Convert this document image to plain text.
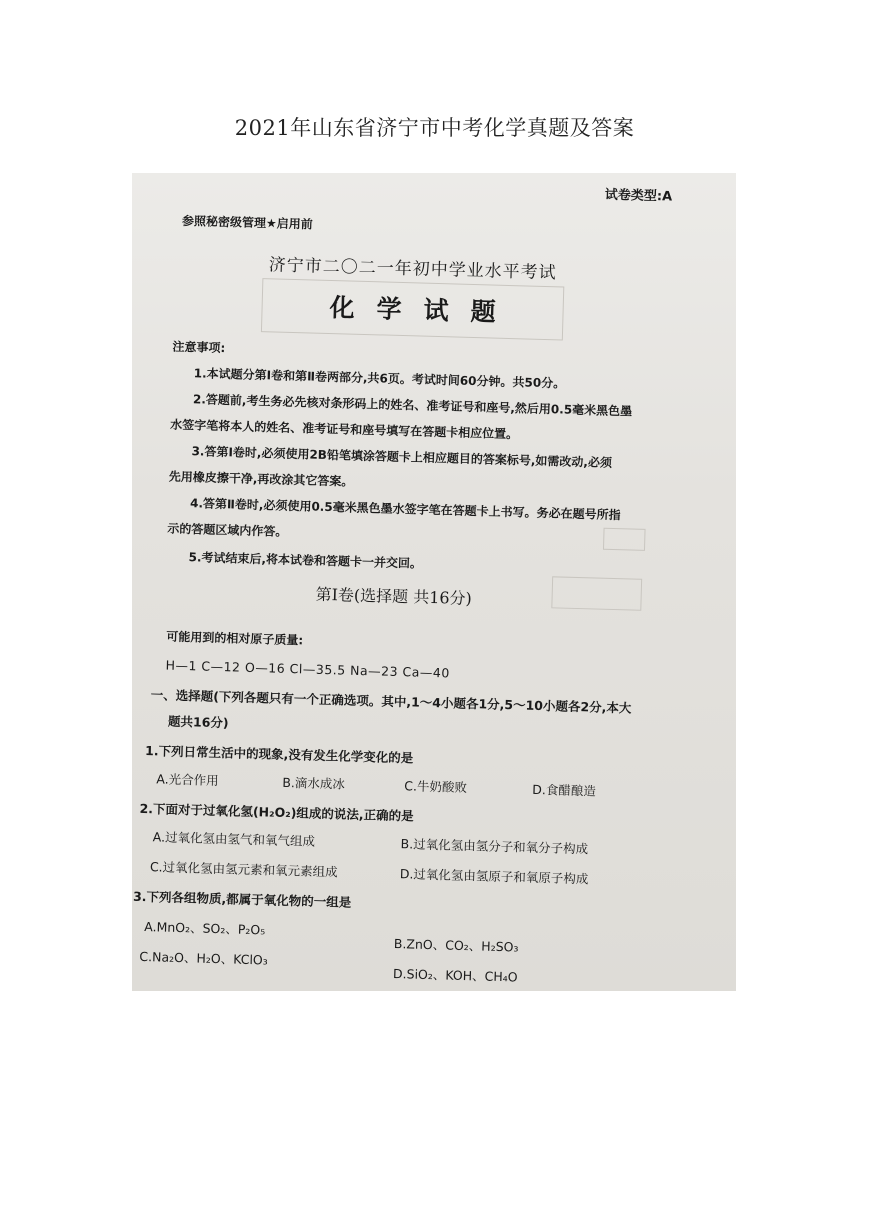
2021年山东省济宁市中考化学真题及答案
试卷类型:A
参照秘密级管理★启用前
济宁市二〇二一年初中学业水平考试
化学试题
注意事项:
1.本试题分第Ⅰ卷和第Ⅱ卷两部分,共6页。考试时间60分钟。共50分。
2.答题前,考生务必先核对条形码上的姓名、准考证号和座号,然后用0.5毫米黑色墨
水签字笔将本人的姓名、准考证号和座号填写在答题卡相应位置。
3.答第Ⅰ卷时,必须使用2B铅笔填涂答题卡上相应题目的答案标号,如需改动,必须
先用橡皮擦干净,再改涂其它答案。
4.答第Ⅱ卷时,必须使用0.5毫米黑色墨水签字笔在答题卡上书写。务必在题号所指
示的答题区域内作答。
5.考试结束后,将本试卷和答题卡一并交回。
第Ⅰ卷(选择题 共16分)
可能用到的相对原子质量:
H—1 C—12 O—16 Cl—35.5 Na—23 Ca—40
一、选择题(下列各题只有一个正确选项。其中,1～4小题各1分,5～10小题各2分,本大
题共16分)
1.下列日常生活中的现象,没有发生化学变化的是
A.光合作用	B.滴水成冰	C.牛奶酸败	D.食醋酿造
2.下面对于过氧化氢(H₂O₂)组成的说法,正确的是
A.过氧化氢由氢气和氧气组成	B.过氧化氢由氢分子和氧分子构成
C.过氧化氢由氢元素和氧元素组成	D.过氧化氢由氢原子和氧原子构成
3.下列各组物质,都属于氧化物的一组是
A.MnO₂、SO₂、P₂O₅
B.ZnO、CO₂、H₂SO₃
C.Na₂O、H₂O、KClO₃
D.SiO₂、KOH、CH₄O
